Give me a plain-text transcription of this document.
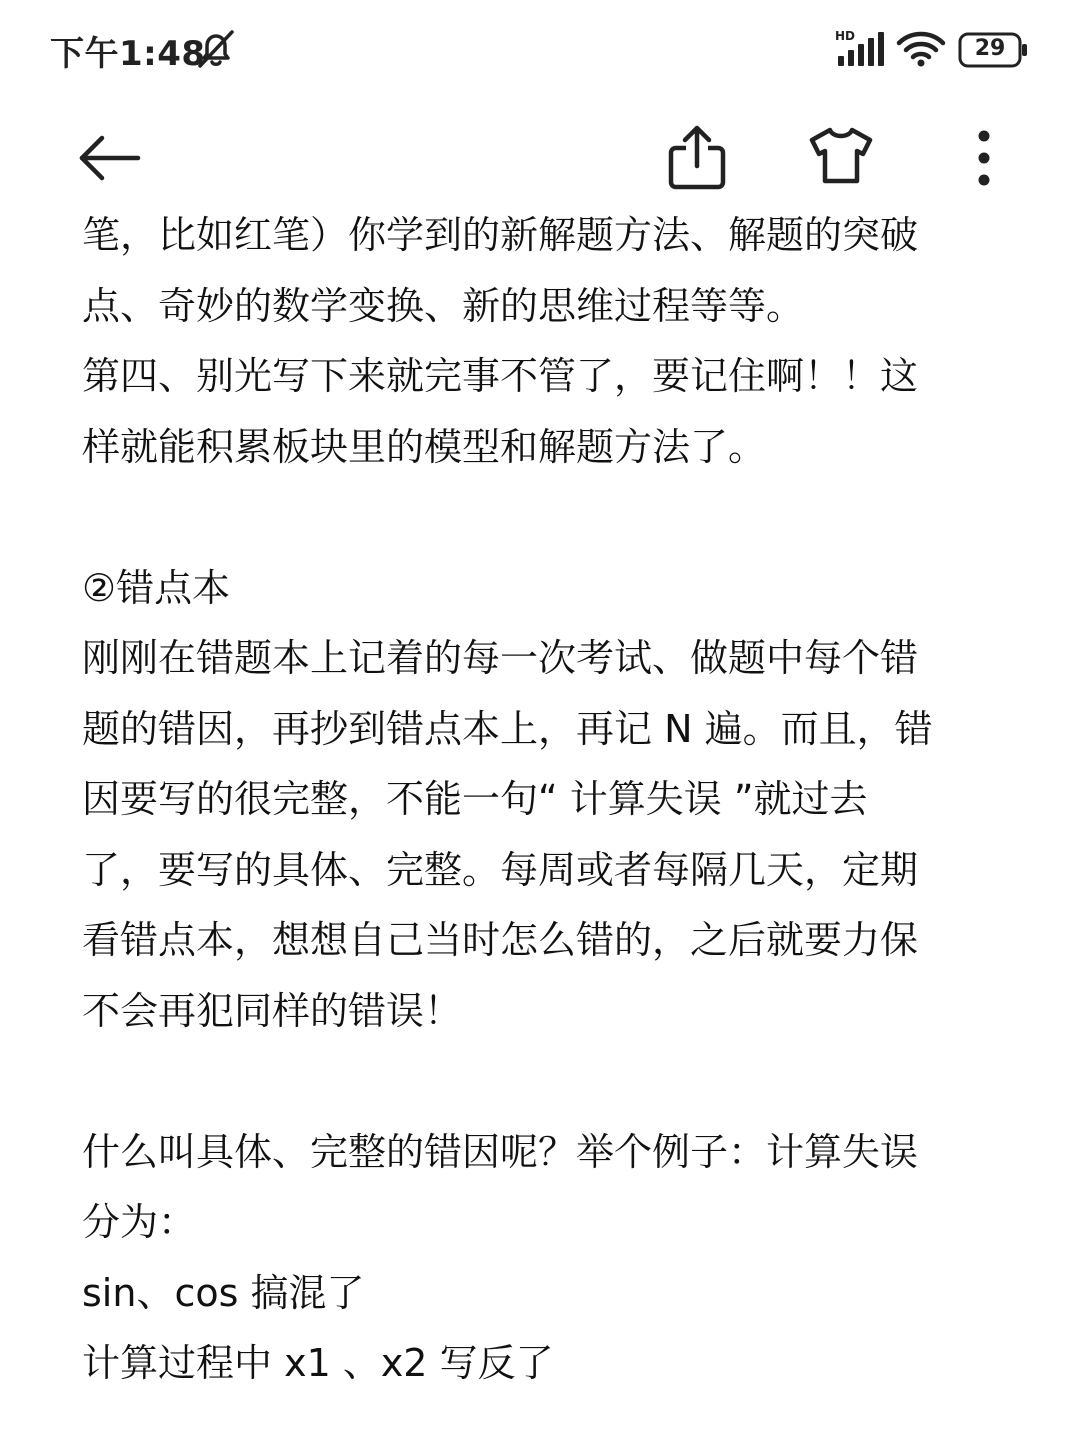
下午1:48	HD	29
笔，比如红笔）你学到的新解题方法、解题的突破
点、奇妙的数学变换、新的思维过程等等。
第四、别光写下来就完事不管了，要记住啊！！这
样就能积累板块里的模型和解题方法了。
②错点本
刚刚在错题本上记着的每一次考试、做题中每个错
题的错因，再抄到错点本上，再记 N 遍。而且，错
因要写的很完整，不能一句“ 计算失误 ”就过去
了，要写的具体、完整。每周或者每隔几天，定期
看错点本，想想自己当时怎么错的，之后就要力保
不会再犯同样的错误！
什么叫具体、完整的错因呢？举个例子：计算失误
分为：
sin、cos 搞混了
计算过程中 x1 、x2 写反了
